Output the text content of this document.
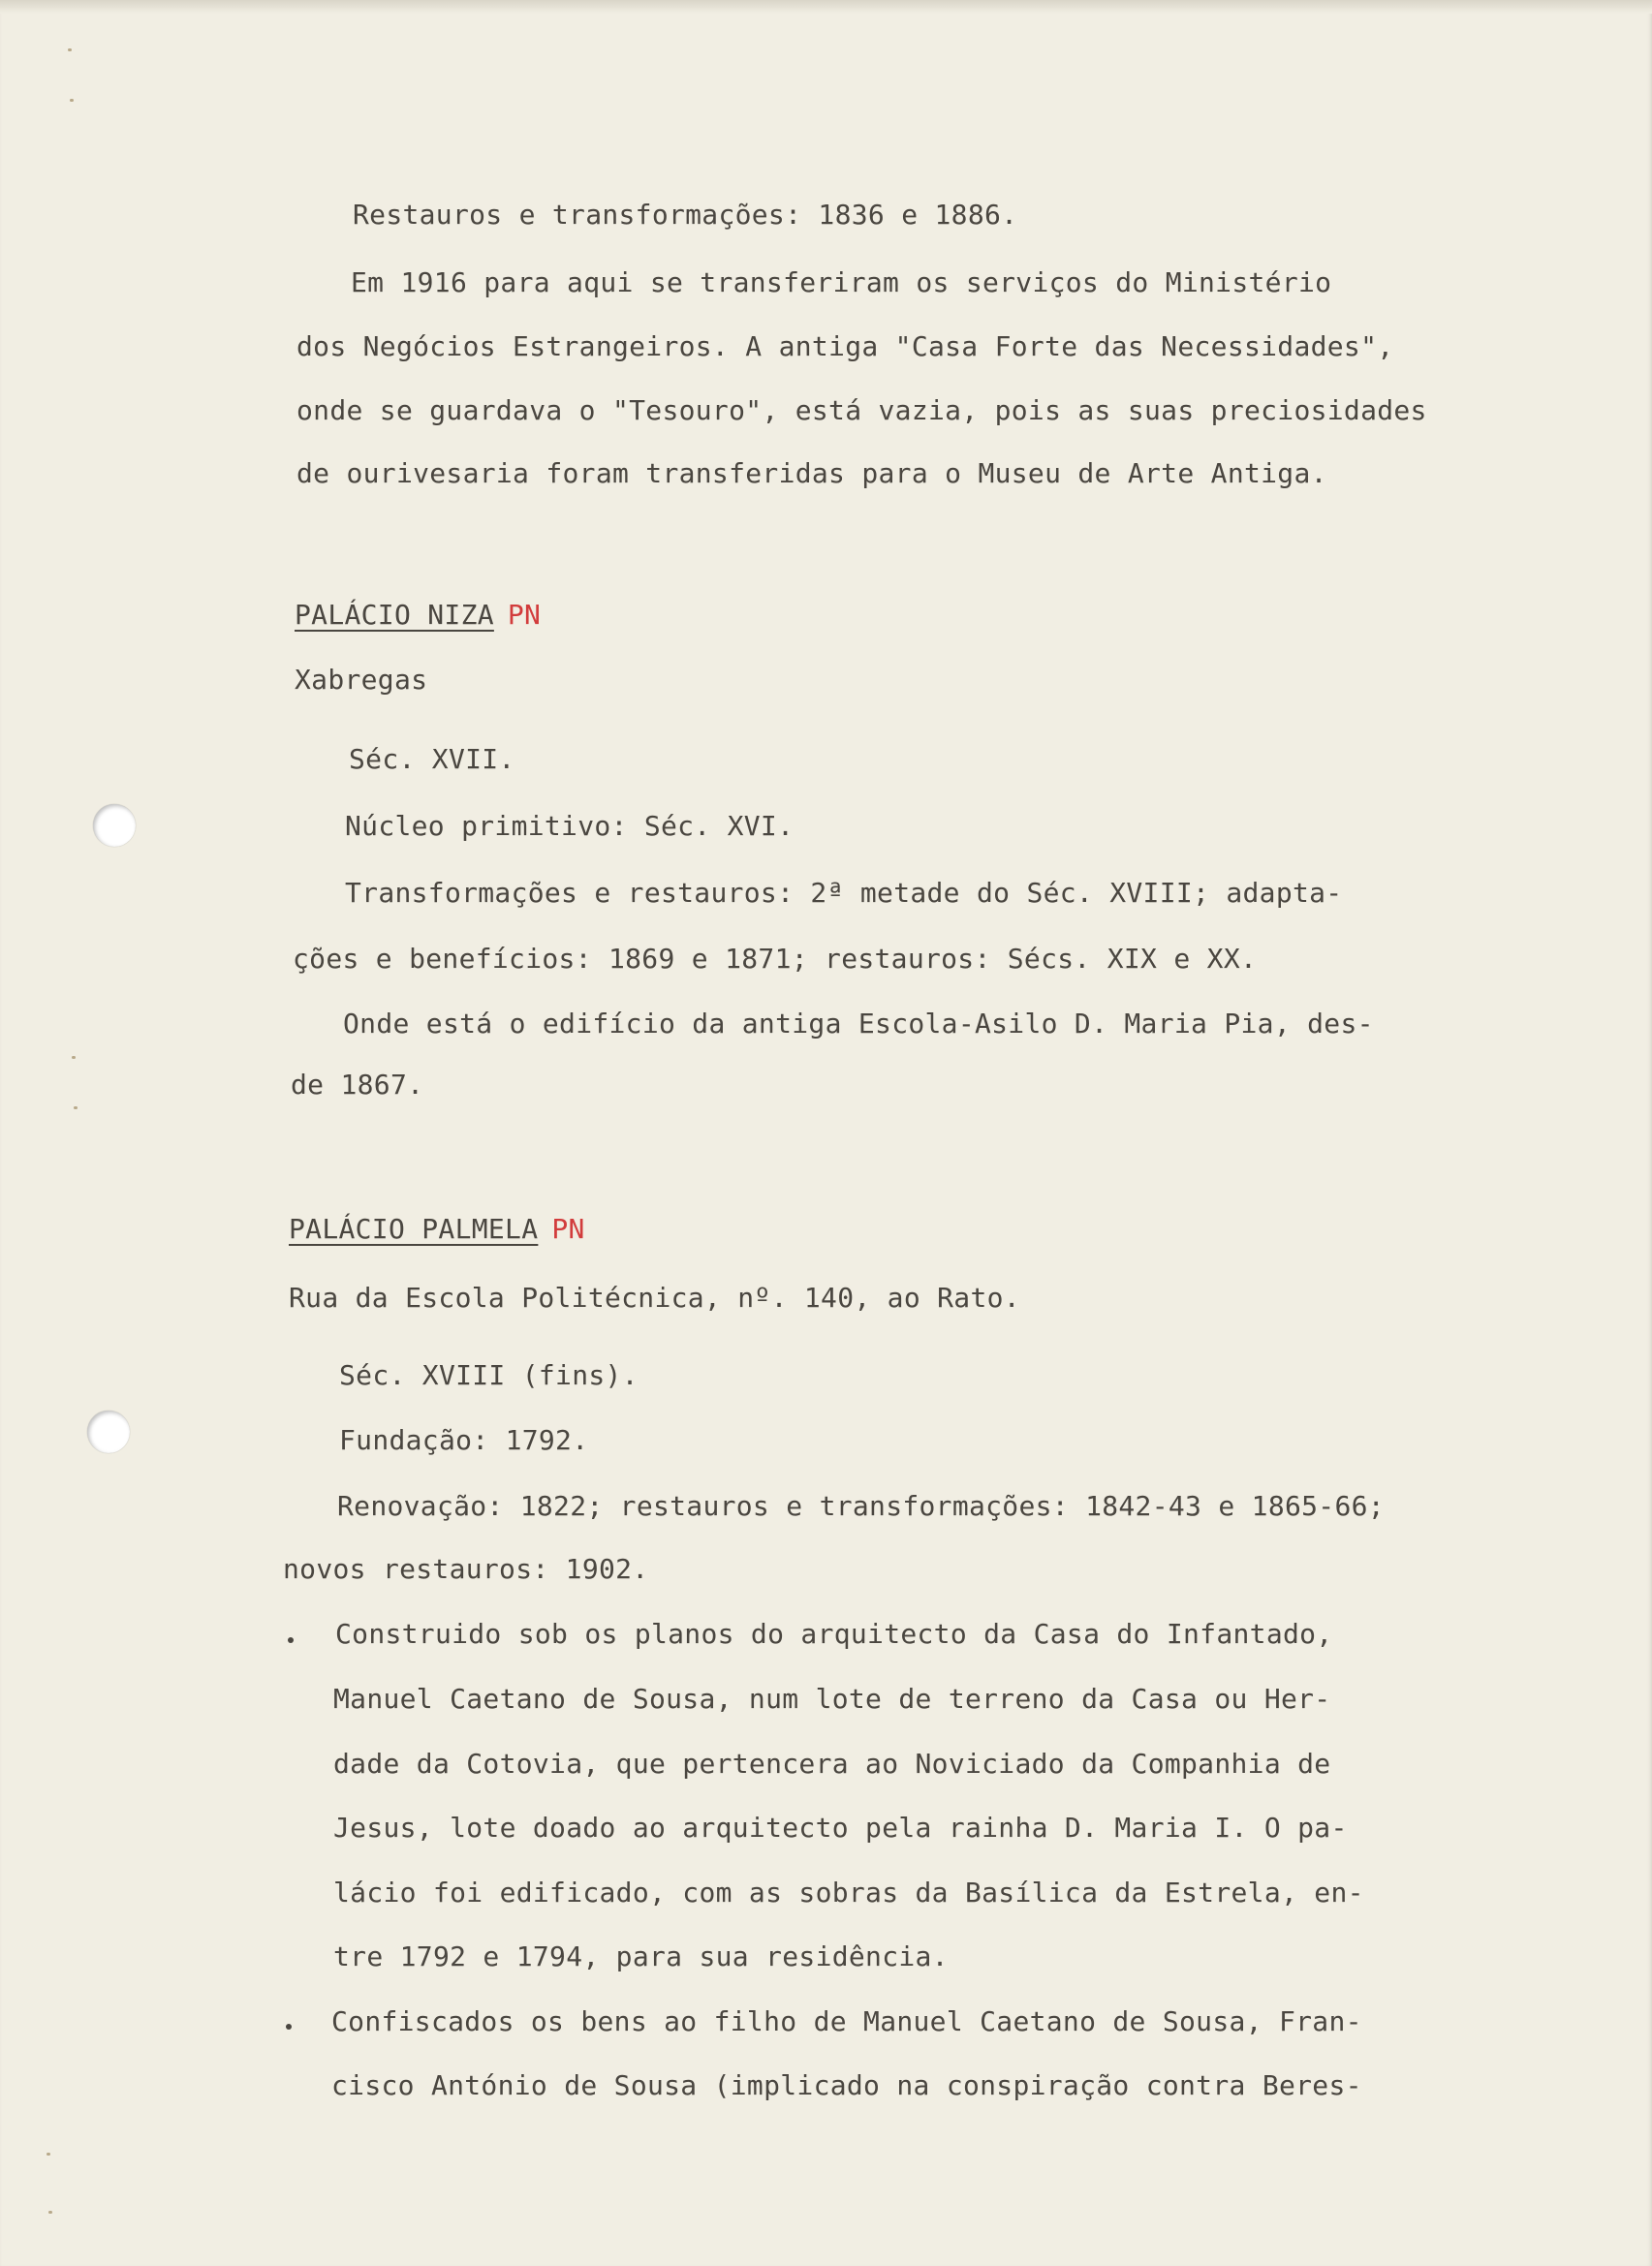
Restauros e transformações: 1836 e 1886.
Em 1916 para aqui se transferiram os serviços do Ministério
dos Negócios Estrangeiros. A antiga "Casa Forte das Necessidades",
onde se guardava o "Tesouro", está vazia, pois as suas preciosidades
de ourivesaria foram transferidas para o Museu de Arte Antiga.
PALÁCIO NIZA PN
Xabregas
Séc. XVII.
Núcleo primitivo: Séc. XVI.
Transformações e restauros: 2ª metade do Séc. XVIII; adapta-
ções e benefícios: 1869 e 1871; restauros: Sécs. XIX e XX.
Onde está o edifício da antiga Escola-Asilo D. Maria Pia, des-
de 1867.
PALÁCIO PALMELA PN
Rua da Escola Politécnica, nº. 140, ao Rato.
Séc. XVIII (fins).
Fundação: 1792.
Renovação: 1822; restauros e transformações: 1842-43 e 1865-66;
novos restauros: 1902.
Construido sob os planos do arquitecto da Casa do Infantado,
Manuel Caetano de Sousa, num lote de terreno da Casa ou Her-
dade da Cotovia, que pertencera ao Noviciado da Companhia de
Jesus, lote doado ao arquitecto pela rainha D. Maria I. O pa-
lácio foi edificado, com as sobras da Basílica da Estrela, en-
tre 1792 e 1794, para sua residência.
Confiscados os bens ao filho de Manuel Caetano de Sousa, Fran-
cisco António de Sousa (implicado na conspiração contra Beres-
